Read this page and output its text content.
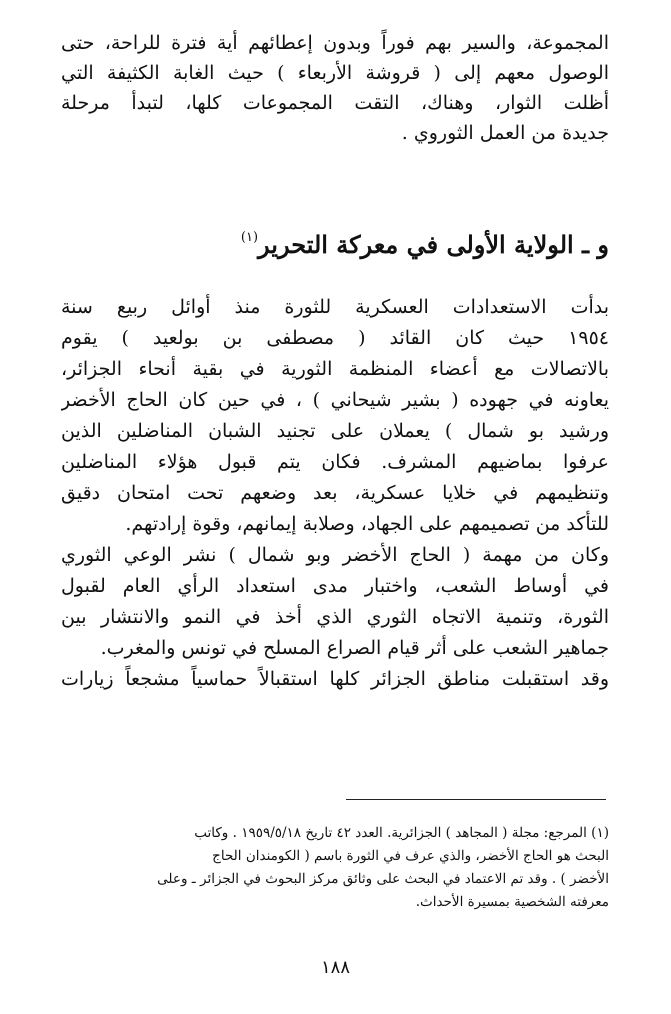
المجموعة، والسير بهم فوراً وبدون إعطائهم أية فترة للراحة، حتى
الوصول معهم إلى ( قروشة الأربعاء ) حيث الغابة الكثيفة التي
أظلت الثوار، وهناك، التقت المجموعات كلها، لتبدأ مرحلة
جديدة من العمل الثوروي .
و ـ الولاية الأولى في معركة التحرير$^{(١)}$
بدأت الاستعدادات العسكرية للثورة منذ أوائل ربيع سنة
١٩٥٤ حيث كان القائد ( مصطفى بن بولعيد ) يقوم
بالاتصالات مع أعضاء المنظمة الثورية في بقية أنحاء الجزائر،
يعاونه في جهوده ( بشير شيحاني ) ، في حين كان الحاج الأخضر
ورشيد بو شمال ) يعملان على تجنيد الشبان المناضلين الذين
عرفوا بماضيهم المشرف. فكان يتم قبول هؤلاء المناضلين
وتنظيمهم في خلايا عسكرية، بعد وضعهم تحت امتحان دقيق
للتأكد من تصميمهم على الجهاد، وصلابة إيمانهم، وقوة إرادتهم.
وكان من مهمة ( الحاج الأخضر وبو شمال ) نشر الوعي الثوري
في أوساط الشعب، واختبار مدى استعداد الرأي العام لقبول
الثورة، وتنمية الاتجاه الثوري الذي أخذ في النمو والانتشار بين
جماهير الشعب على أثر قيام الصراع المسلح في تونس والمغرب.
وقد استقبلت مناطق الجزائر كلها استقبالاً حماسياً مشجعاً زيارات
(١) المرجع: مجلة ( المجاهد ) الجزائرية. العدد ٤٢ تاريخ ١٩٥٩/٥/١٨ . وكاتب
البحث هو الحاج الأخضر، والذي عرف في الثورة باسم ( الكومندان الحاج
الأخضر ) . وقد تم الاعتماد في البحث على وثائق مركز البحوث في الجزائر ـ وعلى
معرفته الشخصية بمسيرة الأحداث.
١٨٨
